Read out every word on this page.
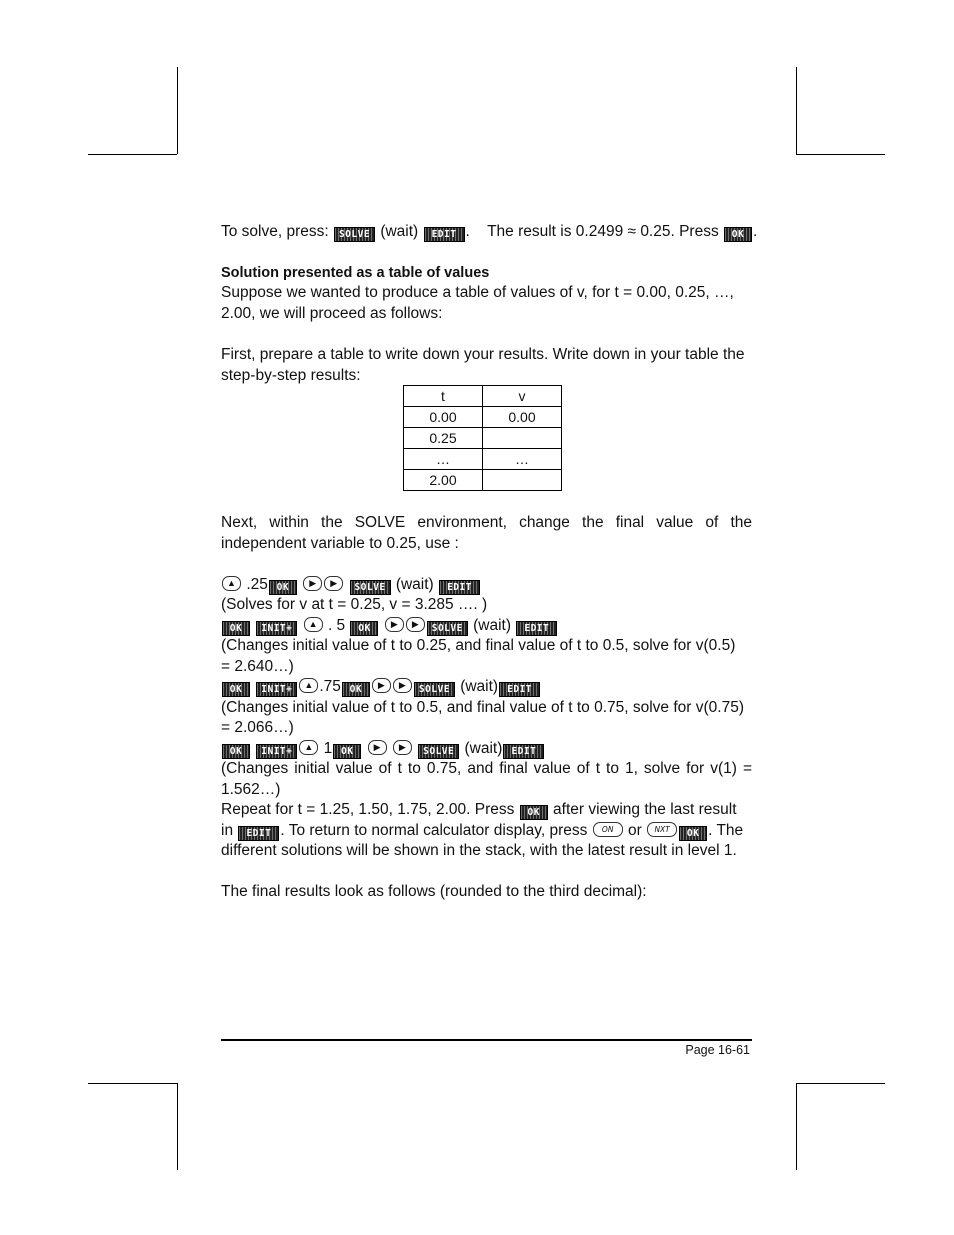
To solve, press: SOLVE (wait) EDIT . The result is 0.2499 ≈ 0.25. Press OK .
Solution presented as a table of values
Suppose we wanted to produce a table of values of v, for t = 0.00, 0.25, …,
2.00, we will proceed as follows:
First, prepare a table to write down your results. Write down in your table the
step-by-step results:
t	v
0.00	0.00
0.25	
…	…
2.00	
Next, within the SOLVE environment, change the final value of the
independent variable to 0.25, use :
▲ .25 OK	▶	▶	SOLVE (wait) EDIT
(Solves for v at t = 0.25, v = 3.285 …. )
OK INIT+	▲ . 5 OK	▶	▶	SOLVE (wait) EDIT
(Changes initial value of t to 0.25, and final value of t to 0.5, solve for v(0.5)
= 2.640…)
OK INIT+	▲ .75 OK	▶	▶	SOLVE (wait) EDIT
(Changes initial value of t to 0.5, and final value of t to 0.75, solve for v(0.75)
= 2.066…)
OK INIT+	▲ 1 OK	▶
	▶	SOLVE (wait) EDIT
(Changes initial value of t to 0.75, and final value of t to 1, solve for v(1) =
1.562…)
Repeat for t = 1.25, 1.50, 1.75, 2.00. Press OK after viewing the last result
in EDIT . To return to normal calculator display, press	ON or	NXT	OK . The
different solutions will be shown in the stack, with the latest result in level 1.
The final results look as follows (rounded to the third decimal):
Page 16-61
